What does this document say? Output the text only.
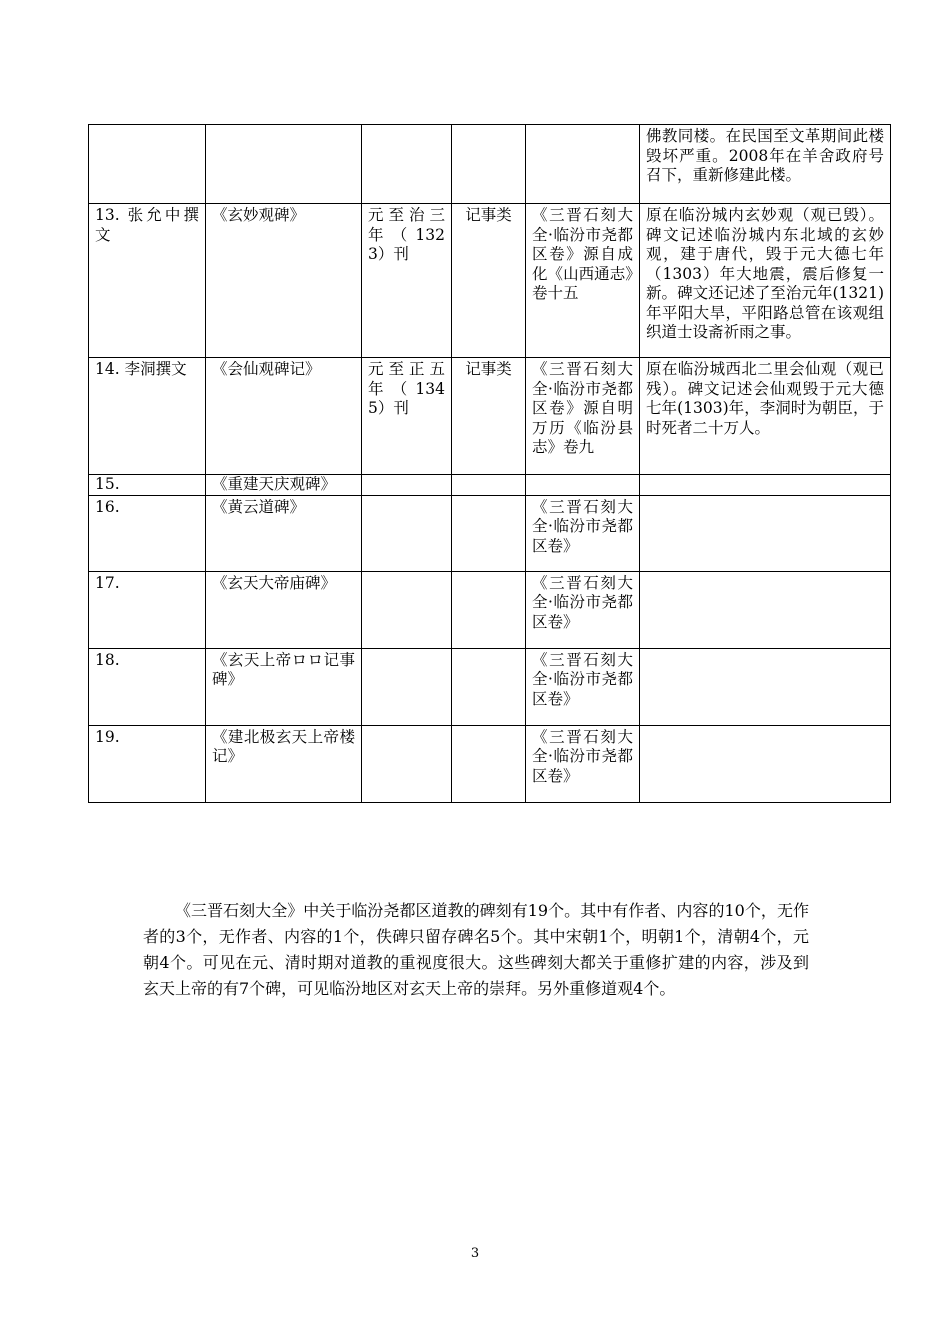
					佛教同楼。在民国至文革期间此楼毁坏严重。2008年在羊舍政府号召下，重新修建此楼。
13. 张允中撰文	《玄妙观碑》	元至治三年（1323）刊	记事类	《三晋石刻大全·临汾市尧都区卷》源自成化《山西通志》卷十五	原在临汾城内玄妙观（观已毁）。碑文记述临汾城内东北域的玄妙观，建于唐代，毁于元大德七年（1303）年大地震，震后修复一新。碑文还记述了至治元年(1321)年平阳大旱，平阳路总管在该观组织道士设斋祈雨之事。
14. 李洞撰文	《会仙观碑记》	元至正五年（1345）刊	记事类	《三晋石刻大全·临汾市尧都区卷》源自明万历《临汾县志》卷九	原在临汾城西北二里会仙观（观已残）。碑文记述会仙观毁于元大德七年(1303)年，李洞时为朝臣，于时死者二十万人。
15.	《重建天庆观碑》				
16.	《黄云道碑》			《三晋石刻大全·临汾市尧都区卷》	
17.	《玄天大帝庙碑》			《三晋石刻大全·临汾市尧都区卷》	
18.	《玄天上帝ロロ记事碑》			《三晋石刻大全·临汾市尧都区卷》	
19.	《建北极玄天上帝楼记》			《三晋石刻大全·临汾市尧都区卷》	

《三晋石刻大全》中关于临汾尧都区道教的碑刻有19个。其中有作者、内容的10个，无作者的3个，无作者、内容的1个，佚碑只留存碑名5个。其中宋朝1个，明朝1个，清朝4个，元朝4个。可见在元、清时期对道教的重视度很大。这些碑刻大都关于重修扩建的内容，涉及到玄天上帝的有7个碑，可见临汾地区对玄天上帝的崇拜。另外重修道观4个。

3
